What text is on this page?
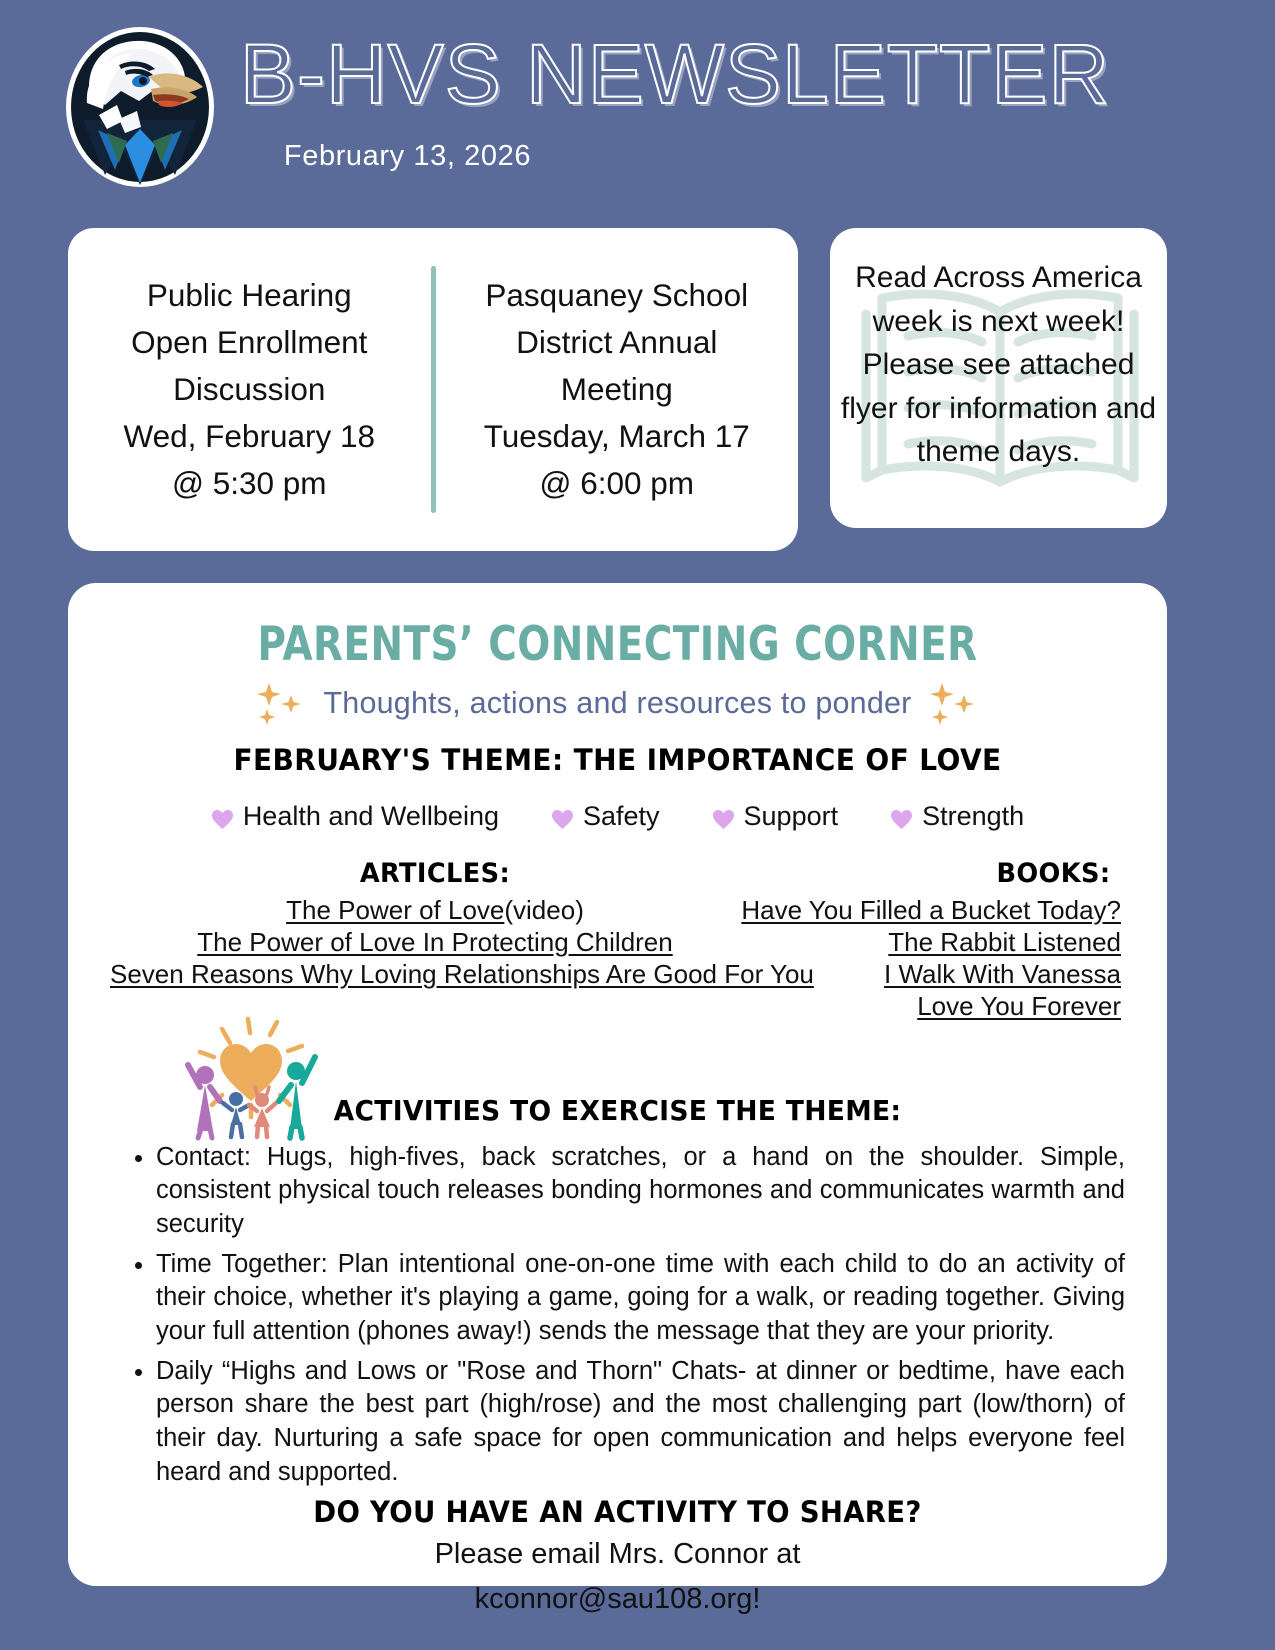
B-HVS NEWSLETTER
February 13, 2026
Public Hearing
Open Enrollment
Discussion
Wed, February 18
@ 5:30 pm
Pasquaney School
District Annual
Meeting
Tuesday, March 17
@ 6:00 pm
Read Across America week is next week! Please see attached flyer for information and theme days.
PARENTS’ CONNECTING CORNER
Thoughts, actions and resources to ponder
FEBRUARY'S THEME: THE IMPORTANCE OF LOVE
Health and Wellbeing	Safety	Support	Strength
ARTICLES:
The Power of Love(video)
The Power of Love In Protecting Children
Seven Reasons Why Loving Relationships Are Good For You
BOOKS:
Have You Filled a Bucket Today?
The Rabbit Listened
I Walk With Vanessa
Love You Forever
ACTIVITIES TO EXERCISE THE THEME:
• Contact: Hugs, high-fives, back scratches, or a hand on the shoulder. Simple, consistent physical touch releases bonding hormones and communicates warmth and security
• Time Together: Plan intentional one-on-one time with each child to do an activity of their choice, whether it's playing a game, going for a walk, or reading together. Giving your full attention (phones away!) sends the message that they are your priority.
• Daily “Highs and Lows or "Rose and Thorn" Chats- at dinner or bedtime, have each person share the best part (high/rose) and the most challenging part (low/thorn) of their day. Nurturing a safe space for open communication and helps everyone feel heard and supported.
DO YOU HAVE AN ACTIVITY TO SHARE?
Please email Mrs. Connor at
kconnor@sau108.org!
